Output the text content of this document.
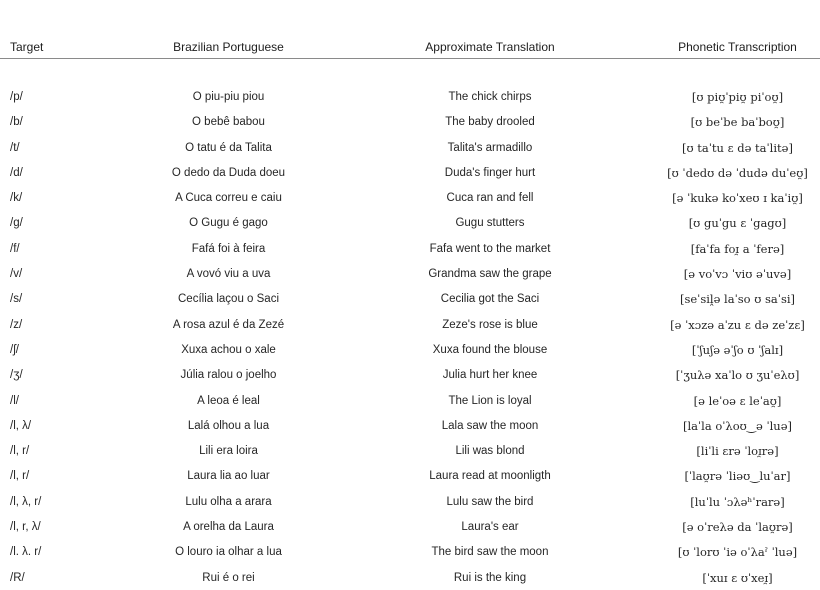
Target	Brazilian Portuguese	Approximate Translation	Phonetic Transcription

/p/	O piu-piu piou	The chick chirps	[ʊ piʊ̯ˈpiʊ̯ piˈoʊ̯]
/b/	O bebê babou	The baby drooled	[ʊ beˈbe baˈboʊ̯]
/t/	O tatu é da Talita	Talita's armadillo	[ʊ taˈtu ɛ də taˈlitə]
/d/	O dedo da Duda doeu	Duda's finger hurt	[ʊ ˈdedʊ də ˈdudə duˈeʊ̯]
/k/	A Cuca correu e caiu	Cuca ran and fell	[ə ˈkukə koˈxeʊ ɪ kaˈiʊ̯]
/g/	O Gugu é gago	Gugu stutters	[ʊ guˈgu ɛ ˈgagʊ]
/f/	Fafá foi à feira	Fafa went to the market	[faˈfa foɪ̯ a ˈferə]
/v/	A vovó viu a uva	Grandma saw the grape	[ə voˈvɔ ˈviʊ əˈuvə]
/s/	Cecília laçou o Saci	Cecilia got the Saci	[seˈsiḽə laˈso ʊ saˈsi]
/z/	A rosa azul é da Zezé	Zeze's rose is blue	[ə ˈxɔzə aˈzu ɛ də zeˈzɛ]
/ʃ/	Xuxa achou o xale	Xuxa found the blouse	[ˈʃuʃə əˈʃo ʊ ˈʃalɪ]
/ʒ/	Júlia ralou o joelho	Julia hurt her knee	[ˈʒuλə xaˈlo ʊ ʒuˈeλʊ]
/l/	A leoa é leal	The Lion is loyal	[ə leˈoə ɛ leˈaʊ̯]
/l, λ/	Lalá olhou a lua	Lala saw the moon	[laˈla oˈλoʊ‿ə ˈluə]
/l, r/	Lili era loira	Lili was blond	[liˈli ɛrə ˈloɪ̯rə]
/l, r/	Laura lia ao luar	Laura read at moonligth	[ˈlaʊ̯rə ˈliəʊ‿luˈar]
/l, λ, r/	Lulu olha a arara	Lulu saw the bird	[luˈlu ˈɔλəʰˈrarə]
/l, r, λ/	A orelha da Laura	Laura's ear	[ə oˈreλə da ˈlaʊ̯rə]
/l. λ. r/	O louro ia olhar a lua	The bird saw the moon	[ʊ ˈlorʊ ˈiə oˈλaˀ ˈluə]
/R/	Rui é o rei	Rui is the king	[ˈxuɪ ɛ ʊˈxeɪ̯]
